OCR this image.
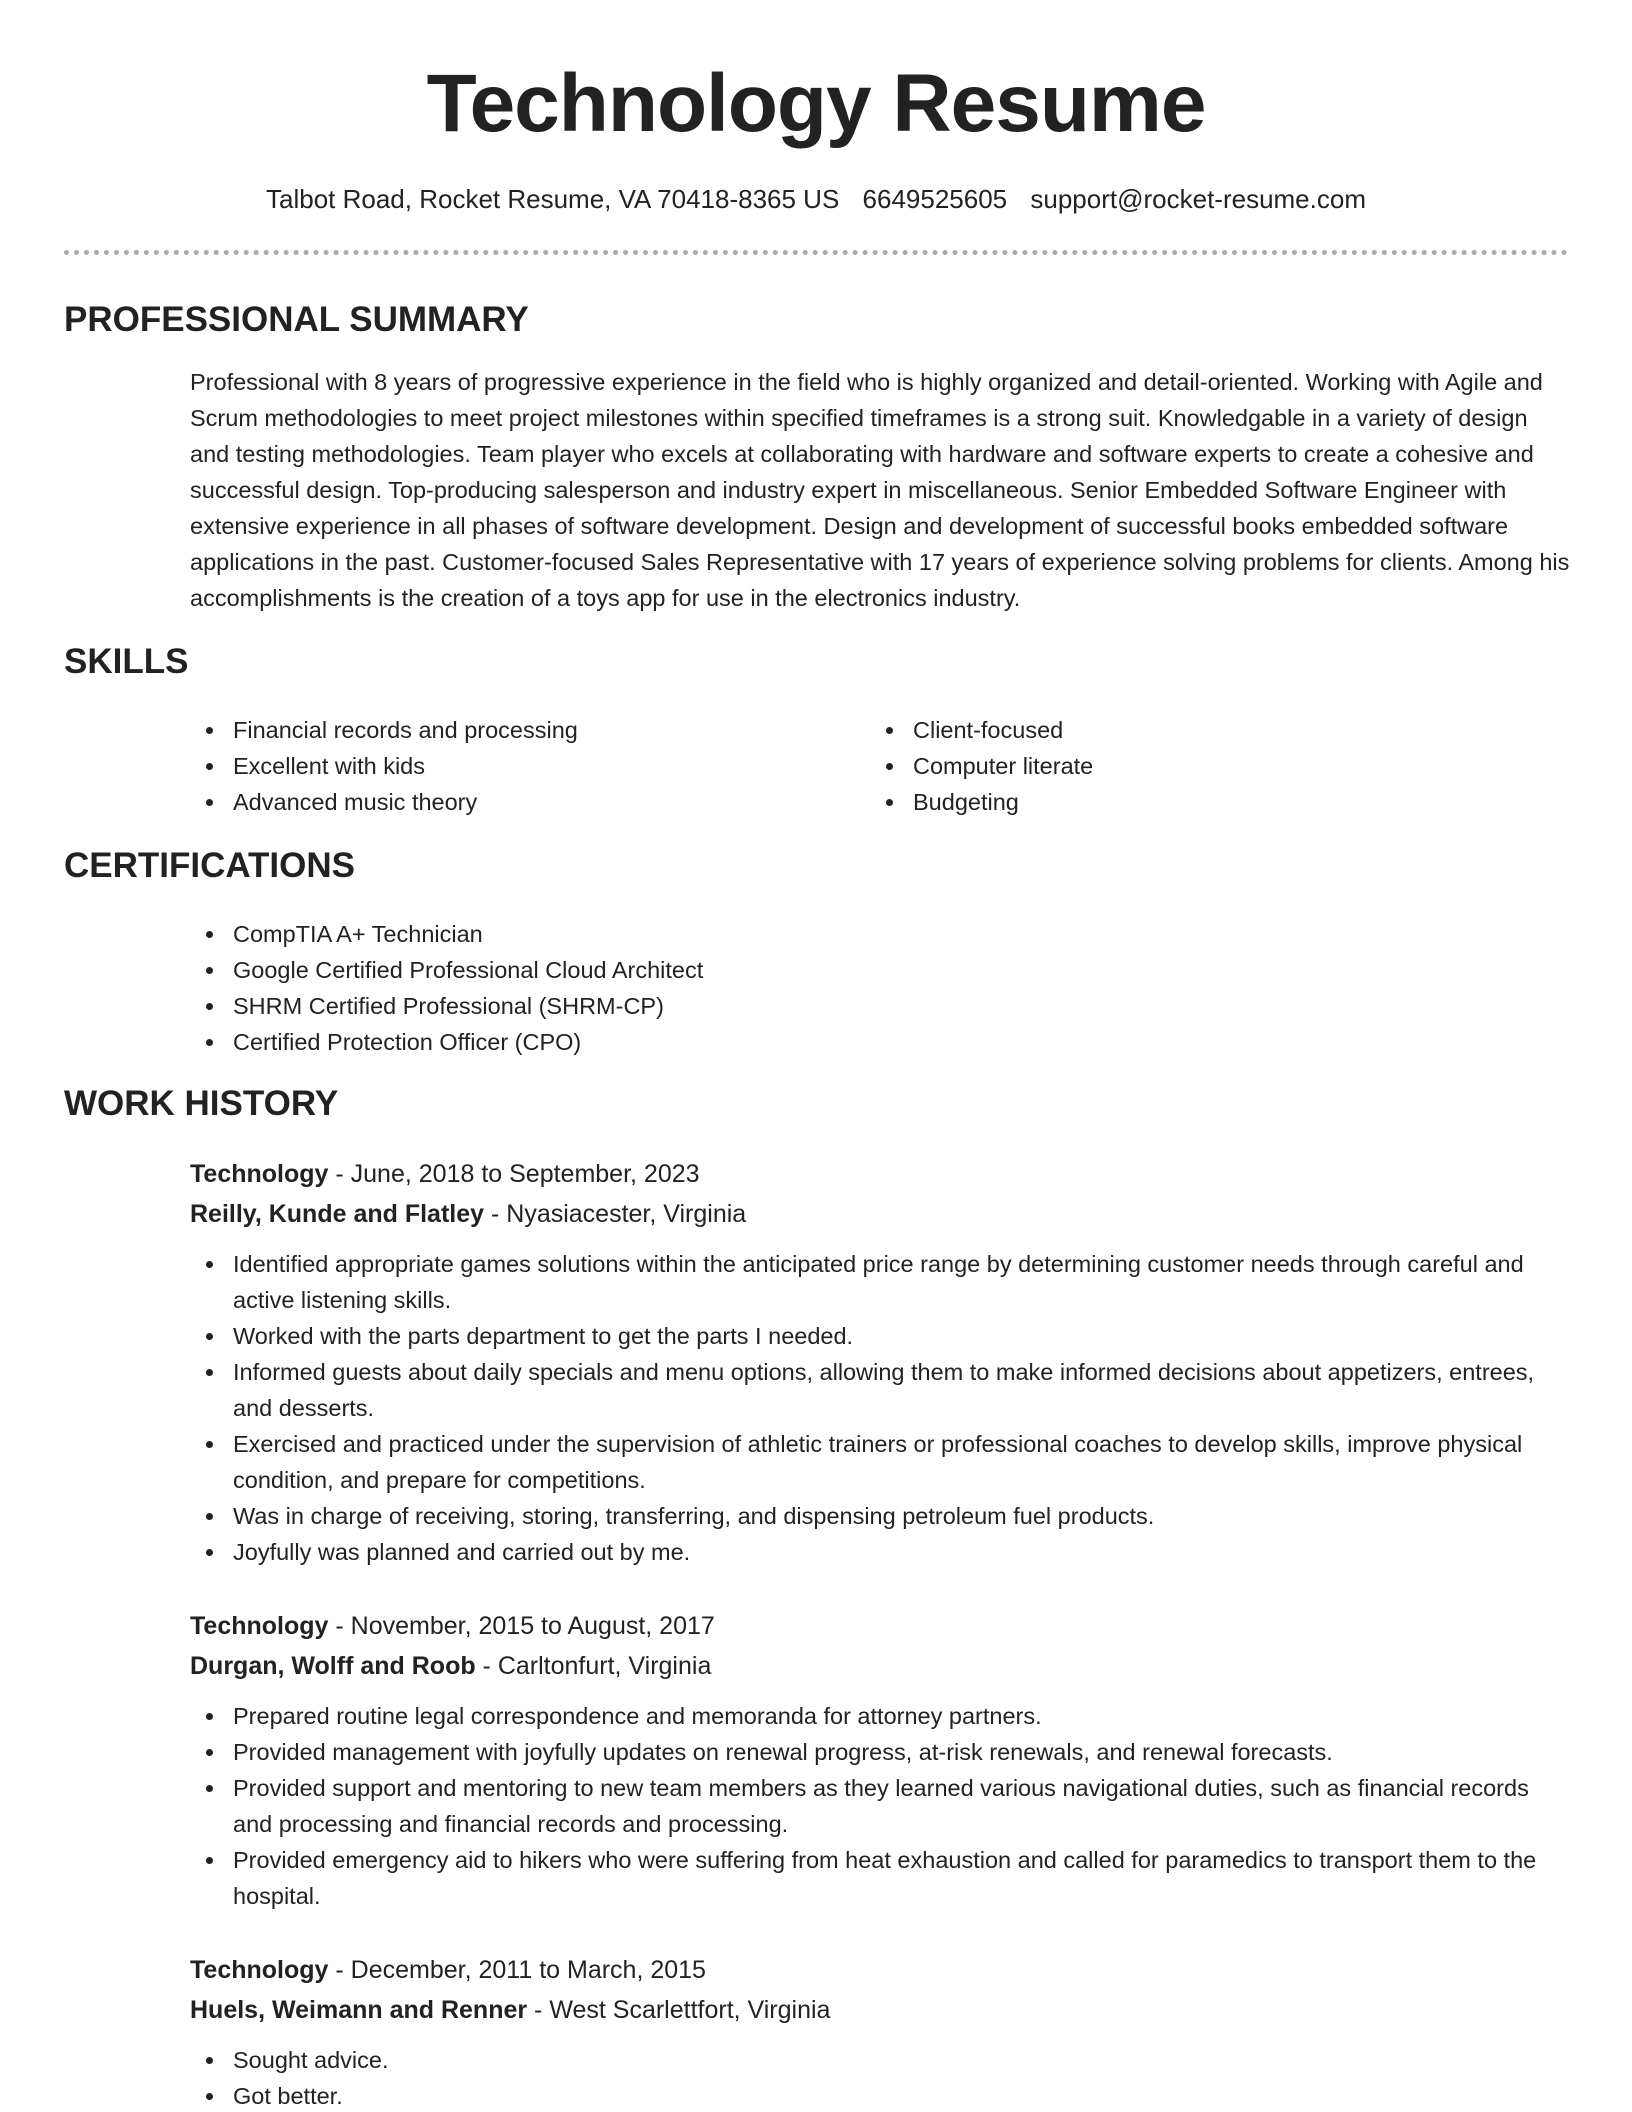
Technology Resume
Talbot Road, Rocket Resume, VA 70418-8365 US 6649525605 support@rocket-resume.com
PROFESSIONAL SUMMARY
Professional with 8 years of progressive experience in the field who is highly organized and detail-oriented. Working with Agile and Scrum methodologies to meet project milestones within specified timeframes is a strong suit. Knowledgable in a variety of design and testing methodologies. Team player who excels at collaborating with hardware and software experts to create a cohesive and successful design. Top-producing salesperson and industry expert in miscellaneous. Senior Embedded Software Engineer with extensive experience in all phases of software development. Design and development of successful books embedded software applications in the past. Customer-focused Sales Representative with 17 years of experience solving problems for clients. Among his accomplishments is the creation of a toys app for use in the electronics industry.
SKILLS
Financial records and processing
Excellent with kids
Advanced music theory
Client-focused
Computer literate
Budgeting
CERTIFICATIONS
CompTIA A+ Technician
Google Certified Professional Cloud Architect
SHRM Certified Professional (SHRM-CP)
Certified Protection Officer (CPO)
WORK HISTORY
Technology - June, 2018 to September, 2023
Reilly, Kunde and Flatley - Nyasiacester, Virginia
Identified appropriate games solutions within the anticipated price range by determining customer needs through careful and active listening skills.
Worked with the parts department to get the parts I needed.
Informed guests about daily specials and menu options, allowing them to make informed decisions about appetizers, entrees, and desserts.
Exercised and practiced under the supervision of athletic trainers or professional coaches to develop skills, improve physical condition, and prepare for competitions.
Was in charge of receiving, storing, transferring, and dispensing petroleum fuel products.
Joyfully was planned and carried out by me.
Technology - November, 2015 to August, 2017
Durgan, Wolff and Roob - Carltonfurt, Virginia
Prepared routine legal correspondence and memoranda for attorney partners.
Provided management with joyfully updates on renewal progress, at-risk renewals, and renewal forecasts.
Provided support and mentoring to new team members as they learned various navigational duties, such as financial records and processing and financial records and processing.
Provided emergency aid to hikers who were suffering from heat exhaustion and called for paramedics to transport them to the hospital.
Technology - December, 2011 to March, 2015
Huels, Weimann and Renner - West Scarlettfort, Virginia
Sought advice.
Got better.
